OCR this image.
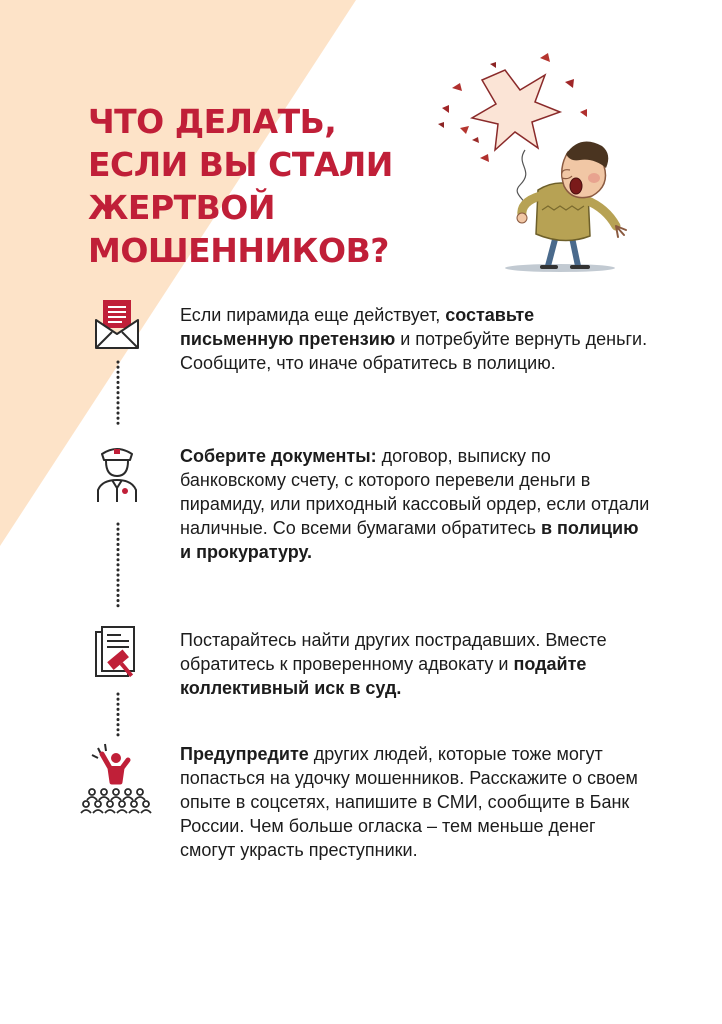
ЧТО ДЕЛАТЬ,
ЕСЛИ ВЫ СТАЛИ
ЖЕРТВОЙ
МОШЕННИКОВ?

Если пирамида еще действует, составьте письменную претензию и потребуйте вернуть деньги. Сообщите, что иначе обратитесь в полицию.

Соберите документы: договор, выписку по банковскому счету, с которого перевели деньги в пирамиду, или приходный кассовый ордер, если отдали наличные. Со всеми бумагами обратитесь в полицию и прокуратуру.

Постарайтесь найти других пострадавших. Вместе обратитесь к проверенному адвокату и подайте коллективный иск в суд.

Предупредите других людей, которые тоже могут попасться на удочку мошенников. Расскажите о своем опыте в соцсетях, напишите в СМИ, сообщите в Банк России. Чем больше огласка – тем меньше денег смогут украсть преступники.
